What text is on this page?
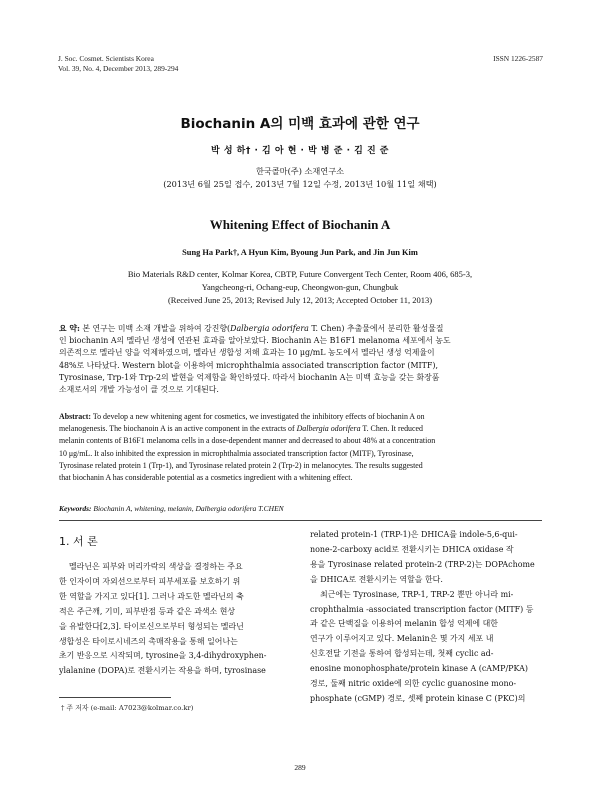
J. Soc. Cosmet. Scientists Korea
Vol. 39, No. 4, December 2013, 289-294
ISSN 1226-2587
Biochanin A의 미백 효과에 관한 연구
박 성 하† · 김 아 현 · 박 병 준 · 김 진 준
한국콜마(주) 소재연구소
(2013년 6월 25일 접수, 2013년 7월 12일 수정, 2013년 10월 11일 채택)
Whitening Effect of Biochanin A
Sung Ha Park†, A Hyun Kim, Byoung Jun Park, and Jin Jun Kim
Bio Materials R&D center, Kolmar Korea, CBTP, Future Convergent Tech Center, Room 406, 685-3,
Yangcheong-ri, Ochang-eup, Cheongwon-gun, Chungbuk
(Received June 25, 2013; Revised July 12, 2013; Accepted October 11, 2013)
요 약: 본 연구는 미백 소재 개발을 위하여 강진향(Dalbergia odorifera T. Chen) 추출물에서 분리한 활성물질
인 biochanin A의 멜라닌 생성에 연관된 효과를 알아보았다. Biochanin A는 B16F1 melanoma 세포에서 농도
의존적으로 멜라닌 양을 억제하였으며, 멜라닌 생합성 저해 효과는 10 μg/mL 농도에서 멜라닌 생성 억제율이
48%로 나타났다. Western blot을 이용하여 microphthalmia associated transcription factor (MITF),
Tyrosinase, Trp-1와 Trp-2의 발현을 억제함을 확인하였다. 따라서 biochanin A는 미백 효능을 갖는 화장품
소재로서의 개발 가능성이 클 것으로 기대된다.
Abstract: To develop a new whitening agent for cosmetics, we investigated the inhibitory effects of biochanin A on
melanogenesis. The biochanoin A is an active component in the extracts of Dalbergia odorifera T. Chen. It reduced
melanin contents of B16F1 melanoma cells in a dose-dependent manner and decreased to about 48% at a concentration
10 μg/mL. It also inhibited the expression in microphthalmia associated transcription factor (MITF), Tyrosinase,
Tyrosinase related protein 1 (Trp-1), and Tyrosinase related protein 2 (Trp-2) in melanocytes. The results suggested
that biochanin A has considerable potential as a cosmetics ingredient with a whitening effect.
Keywords: Biochanin A, whitening, melanin, Dalbergia odorifera T.CHEN
1. 서 론
멜라닌은 피부와 머리카락의 색상을 결정하는 주요
한 인자이며 자외선으로부터 피부세포를 보호하기 위
한 역할을 가지고 있다[1]. 그러나 과도한 멜라닌의 축
적은 주근깨, 기미, 피부반점 등과 같은 과색소 현상
을 유발한다[2,3]. 타이로신으로부터 형성되는 멜라닌
생합성은 타이로시네즈의 촉매작용을 통해 일어나는
초기 반응으로 시작되며, tyrosine을 3,4-dihydroxyphen-
ylalanine (DOPA)로 전환시키는 작용을 하며, tyrosinase
† 주 저자 (e-mail: A7023@kolmar.co.kr)
related protein-1 (TRP-1)은 DHICA를 indole-5,6-qui-
none-2-carboxy acid로 전환시키는 DHICA oxidase 작
용을 Tyrosinase related protein-2 (TRP-2)는 DOPAchome
을 DHICA로 전환시키는 역할을 한다.
최근에는 Tyrosinase, TRP-1, TRP-2 뿐만 아니라 mi-
crophthalmia -associated transcription factor (MITF) 등
과 같은 단백질을 이용하여 melanin 합성 억제에 대한
연구가 이루어지고 있다. Melanin은 몇 가지 세포 내
신호전달 기전을 통하여 합성되는데, 첫째 cyclic ad-
enosine monophosphate/protein kinase A (cAMP/PKA)
경로, 둘째 nitric oxide에 의한 cyclic guanosine mono-
phosphate (cGMP) 경로, 셋째 protein kinase C (PKC)의
289
